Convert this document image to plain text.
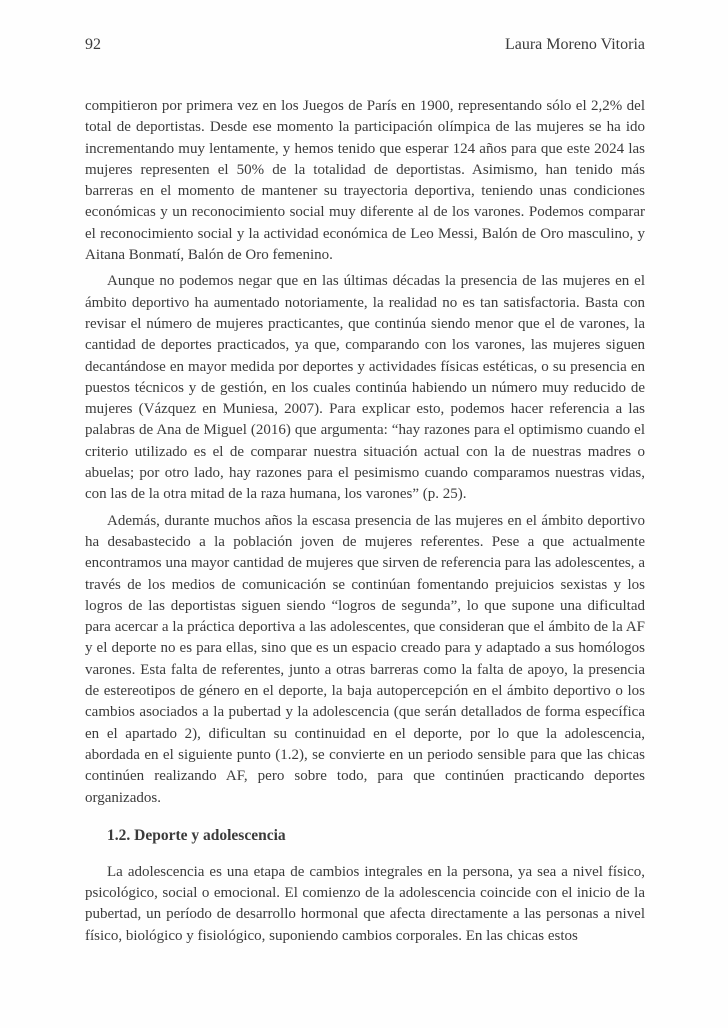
92	Laura Moreno Vitoria

compitieron por primera vez en los Juegos de París en 1900, representando sólo el 2,2% del total de deportistas. Desde ese momento la participación olímpica de las mujeres se ha ido incrementando muy lentamente, y hemos tenido que esperar 124 años para que este 2024 las mujeres representen el 50% de la totalidad de deportistas. Asimismo, han tenido más barreras en el momento de mantener su trayectoria deportiva, teniendo unas condiciones económicas y un reconocimiento social muy diferente al de los varones. Podemos comparar el reconocimiento social y la actividad económica de Leo Messi, Balón de Oro masculino, y Aitana Bonmatí, Balón de Oro femenino.

Aunque no podemos negar que en las últimas décadas la presencia de las mujeres en el ámbito deportivo ha aumentado notoriamente, la realidad no es tan satisfactoria. Basta con revisar el número de mujeres practicantes, que continúa siendo menor que el de varones, la cantidad de deportes practicados, ya que, comparando con los varones, las mujeres siguen decantándose en mayor medida por deportes y actividades físicas estéticas, o su presencia en puestos técnicos y de gestión, en los cuales continúa habiendo un número muy reducido de mujeres (Vázquez en Muniesa, 2007). Para explicar esto, podemos hacer referencia a las palabras de Ana de Miguel (2016) que argumenta: “hay razones para el optimismo cuando el criterio utilizado es el de comparar nuestra situación actual con la de nuestras madres o abuelas; por otro lado, hay razones para el pesimismo cuando comparamos nuestras vidas, con las de la otra mitad de la raza humana, los varones” (p. 25).

Además, durante muchos años la escasa presencia de las mujeres en el ámbito deportivo ha desabastecido a la población joven de mujeres referentes. Pese a que actualmente encontramos una mayor cantidad de mujeres que sirven de referencia para las adolescentes, a través de los medios de comunicación se continúan fomentando prejuicios sexistas y los logros de las deportistas siguen siendo “logros de segunda”, lo que supone una dificultad para acercar a la práctica deportiva a las adolescentes, que consideran que el ámbito de la AF y el deporte no es para ellas, sino que es un espacio creado para y adaptado a sus homólogos varones. Esta falta de referentes, junto a otras barreras como la falta de apoyo, la presencia de estereotipos de género en el deporte, la baja autopercepción en el ámbito deportivo o los cambios asociados a la pubertad y la adolescencia (que serán detallados de forma específica en el apartado 2), dificultan su continuidad en el deporte, por lo que la adolescencia, abordada en el siguiente punto (1.2), se convierte en un periodo sensible para que las chicas continúen realizando AF, pero sobre todo, para que continúen practicando deportes organizados.

1.2. Deporte y adolescencia

La adolescencia es una etapa de cambios integrales en la persona, ya sea a nivel físico, psicológico, social o emocional. El comienzo de la adolescencia coincide con el inicio de la pubertad, un período de desarrollo hormonal que afecta directamente a las personas a nivel físico, biológico y fisiológico, suponiendo cambios corporales. En las chicas estos
